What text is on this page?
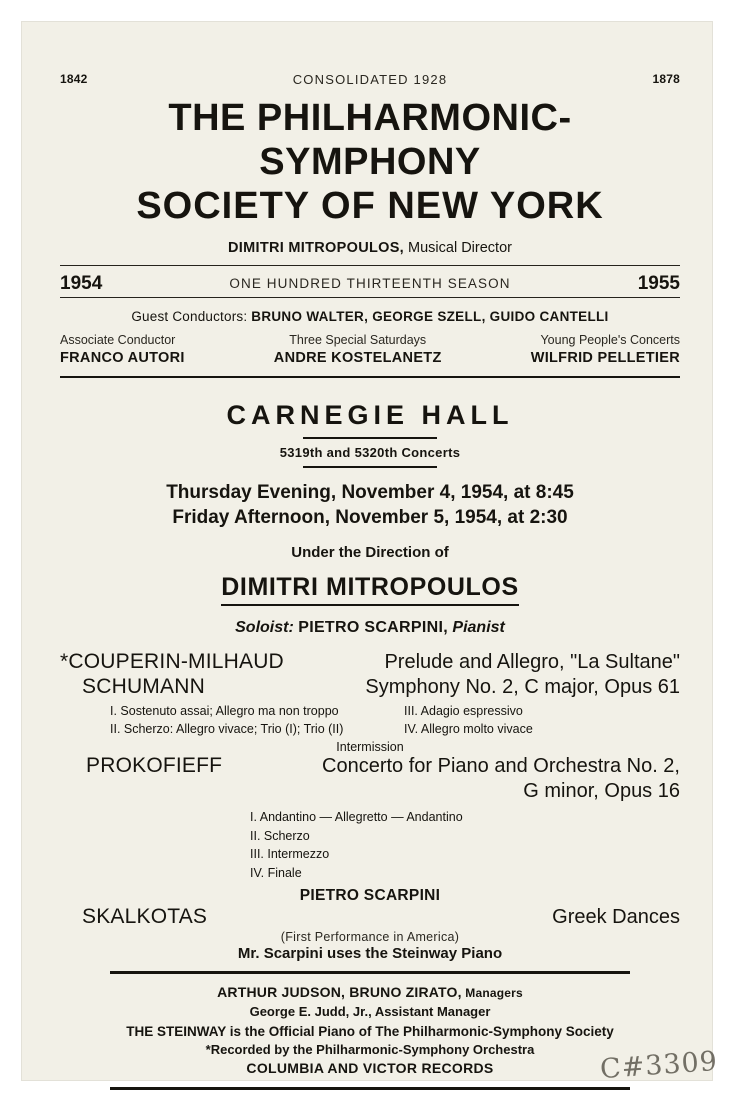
1842	CONSOLIDATED 1928	1878
THE PHILHARMONIC-SYMPHONY
SOCIETY OF NEW YORK
DIMITRI MITROPOULOS, Musical Director
1954	ONE HUNDRED THIRTEENTH SEASON	1955
Guest Conductors: BRUNO WALTER, GEORGE SZELL, GUIDO CANTELLI
Associate Conductor
FRANCO AUTORI
Three Special Saturdays
ANDRE KOSTELANETZ
Young People's Concerts
WILFRID PELLETIER
CARNEGIE HALL
5319th and 5320th Concerts
Thursday Evening, November 4, 1954, at 8:45
Friday Afternoon, November 5, 1954, at 2:30
Under the Direction of
DIMITRI MITROPOULOS
Soloist: PIETRO SCARPINI, Pianist
*COUPERIN-MILHAUD	Prelude and Allegro, "La Sultane"
SCHUMANN	Symphony No. 2, C major, Opus 61
I. Sostenuto assai; Allegro ma non troppo
II. Scherzo: Allegro vivace; Trio (I); Trio (II)
III. Adagio espressivo
IV. Allegro molto vivace
Intermission
PROKOFIEFF	Concerto for Piano and Orchestra No. 2,
G minor, Opus 16
I. Andantino — Allegretto — Andantino
II. Scherzo
III. Intermezzo
IV. Finale
PIETRO SCARPINI
SKALKOTAS	Greek Dances
(First Performance in America)
Mr. Scarpini uses the Steinway Piano
ARTHUR JUDSON, BRUNO ZIRATO, Managers
George E. Judd, Jr., Assistant Manager
THE STEINWAY is the Official Piano of The Philharmonic-Symphony Society
*Recorded by the Philharmonic-Symphony Orchestra
COLUMBIA AND VICTOR RECORDS	C#3309
